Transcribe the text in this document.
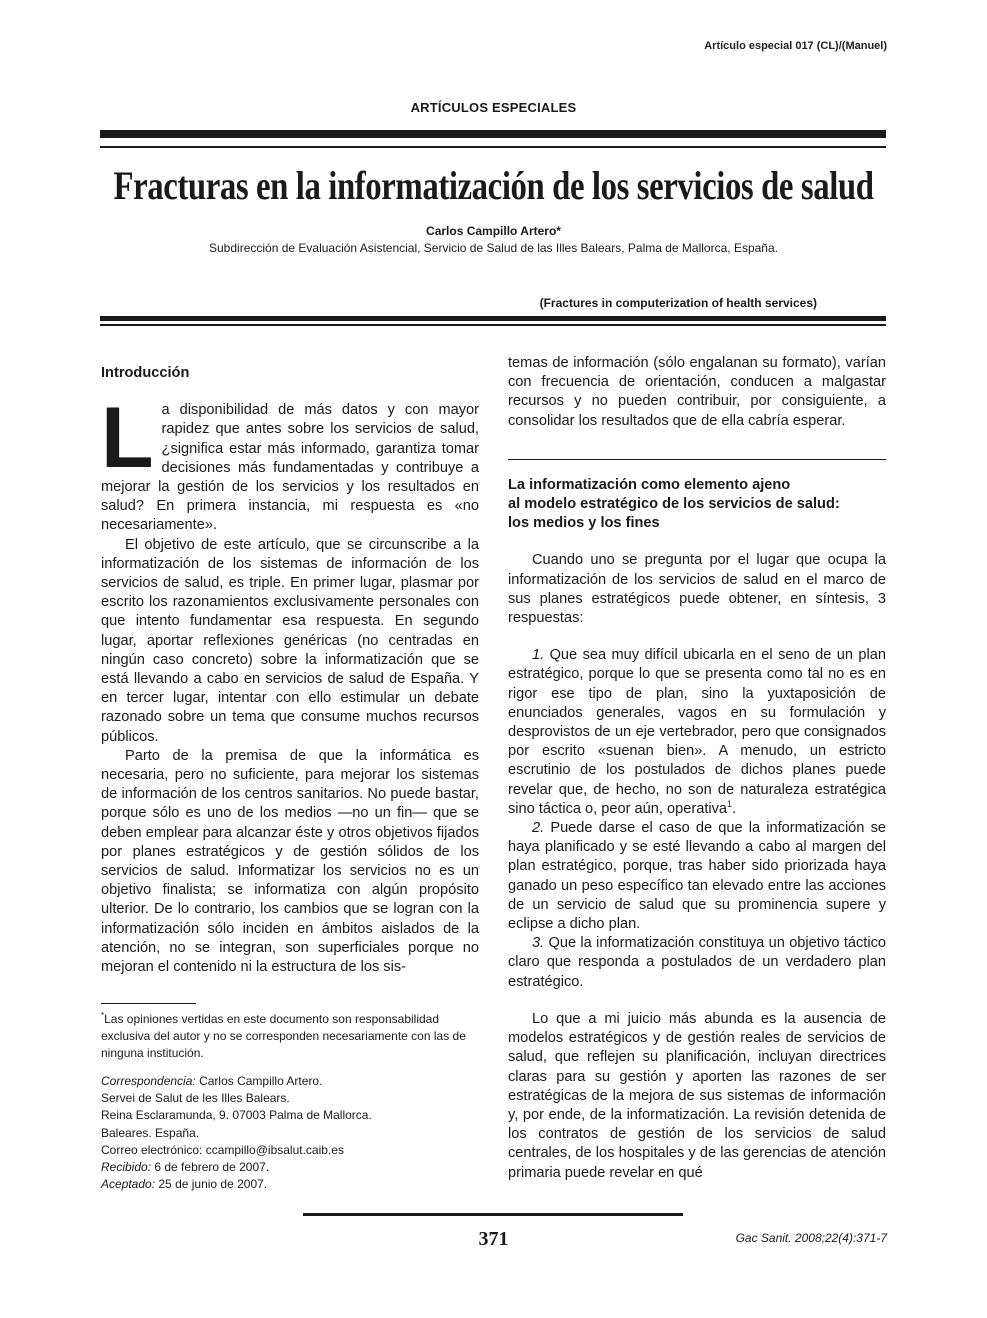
Artículo especial 017 (CL)/(Manuel)
ARTÍCULOS ESPECIALES
Fracturas en la informatización de los servicios de salud
Carlos Campillo Artero*
Subdirección de Evaluación Asistencial, Servicio de Salud de las Illes Balears, Palma de Mallorca, España.
(Fractures in computerization of health services)
Introducción

La disponibilidad de más datos y con mayor rapidez que antes sobre los servicios de salud, ¿significa estar más informado, garantiza tomar decisiones más fundamentadas y contribuye a mejorar la gestión de los servicios y los resultados en salud? En primera instancia, mi respuesta es «no necesariamente».

El objetivo de este artículo, que se circunscribe a la informatización de los sistemas de información de los servicios de salud, es triple. En primer lugar, plasmar por escrito los razonamientos exclusivamente personales con que intento fundamentar esa respuesta. En segundo lugar, aportar reflexiones genéricas (no centradas en ningún caso concreto) sobre la informatización que se está llevando a cabo en servicios de salud de España. Y en tercer lugar, intentar con ello estimular un debate razonado sobre un tema que consume muchos recursos públicos.

Parto de la premisa de que la informática es necesaria, pero no suficiente, para mejorar los sistemas de información de los centros sanitarios. No puede bastar, porque sólo es uno de los medios —no un fin— que se deben emplear para alcanzar éste y otros objetivos fijados por planes estratégicos y de gestión sólidos de los servicios de salud. Informatizar los servicios no es un objetivo finalista; se informatiza con algún propósito ulterior. De lo contrario, los cambios que se logran con la informatización sólo inciden en ámbitos aislados de la atención, no se integran, son superficiales porque no mejoran el contenido ni la estructura de los sis-

temas de información (sólo engalanan su formato), varían con frecuencia de orientación, conducen a malgastar recursos y no pueden contribuir, por consiguiente, a consolidar los resultados que de ella cabría esperar.

La informatización como elemento ajeno
al modelo estratégico de los servicios de salud:
los medios y los fines

Cuando uno se pregunta por el lugar que ocupa la informatización de los servicios de salud en el marco de sus planes estratégicos puede obtener, en síntesis, 3 respuestas:

1. Que sea muy difícil ubicarla en el seno de un plan estratégico, porque lo que se presenta como tal no es en rigor ese tipo de plan, sino la yuxtaposición de enunciados generales, vagos en su formulación y desprovistos de un eje vertebrador, pero que consignados por escrito «suenan bien». A menudo, un estricto escrutinio de los postulados de dichos planes puede revelar que, de hecho, no son de naturaleza estratégica sino táctica o, peor aún, operativa$^1$.

2. Puede darse el caso de que la informatización se haya planificado y se esté llevando a cabo al margen del plan estratégico, porque, tras haber sido priorizada haya ganado un peso específico tan elevado entre las acciones de un servicio de salud que su prominencia supere y eclipse a dicho plan.

3. Que la informatización constituya un objetivo táctico claro que responda a postulados de un verdadero plan estratégico.

Lo que a mi juicio más abunda es la ausencia de modelos estratégicos y de gestión reales de servicios de salud, que reflejen su planificación, incluyan directrices claras para su gestión y aporten las razones de ser estratégicas de la mejora de sus sistemas de información y, por ende, de la informatización. La revisión detenida de los contratos de gestión de los servicios de salud centrales, de los hospitales y de las gerencias de atención primaria puede revelar en qué

*Las opiniones vertidas en este documento son responsabilidad exclusiva del autor y no se corresponden necesariamente con las de ninguna institución.
Correspondencia: Carlos Campillo Artero.
Servei de Salut de les Illes Balears.
Reina Esclaramunda, 9. 07003 Palma de Mallorca.
Baleares. España.
Correo electrónico: ccampillo@ibsalut.caib.es
Recibido: 6 de febrero de 2007.
Aceptado: 25 de junio de 2007.
371	Gac Sanit. 2008;22(4):371-7
